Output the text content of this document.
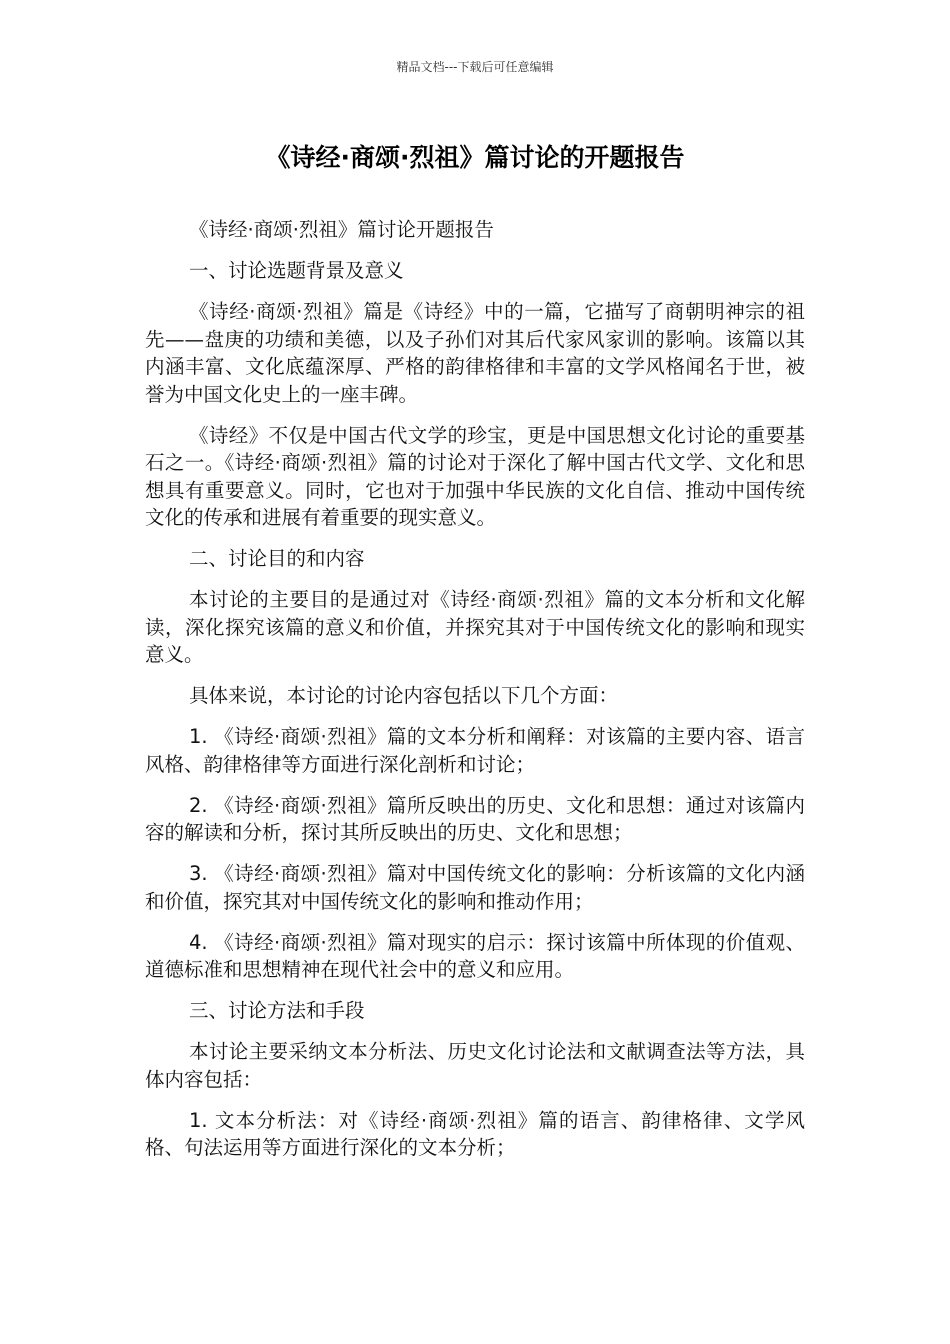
精品文档---下载后可任意编辑
《诗经·商颂·烈祖》篇讨论的开题报告

《诗经·商颂·烈祖》篇讨论开题报告

一、讨论选题背景及意义

《诗经·商颂·烈祖》篇是《诗经》中的一篇，它描写了商朝明神宗的祖先——盘庚的功绩和美德，以及子孙们对其后代家风家训的影响。该篇以其内涵丰富、文化底蕴深厚、严格的韵律格律和丰富的文学风格闻名于世，被誉为中国文化史上的一座丰碑。

《诗经》不仅是中国古代文学的珍宝，更是中国思想文化讨论的重要基石之一。《诗经·商颂·烈祖》篇的讨论对于深化了解中国古代文学、文化和思想具有重要意义。同时，它也对于加强中华民族的文化自信、推动中国传统文化的传承和进展有着重要的现实意义。

二、讨论目的和内容

本讨论的主要目的是通过对《诗经·商颂·烈祖》篇的文本分析和文化解读，深化探究该篇的意义和价值，并探究其对于中国传统文化的影响和现实意义。

具体来说，本讨论的讨论内容包括以下几个方面：

1. 《诗经·商颂·烈祖》篇的文本分析和阐释：对该篇的主要内容、语言风格、韵律格律等方面进行深化剖析和讨论；

2. 《诗经·商颂·烈祖》篇所反映出的历史、文化和思想：通过对该篇内容的解读和分析，探讨其所反映出的历史、文化和思想；

3. 《诗经·商颂·烈祖》篇对中国传统文化的影响：分析该篇的文化内涵和价值，探究其对中国传统文化的影响和推动作用；

4. 《诗经·商颂·烈祖》篇对现实的启示：探讨该篇中所体现的价值观、道德标准和思想精神在现代社会中的意义和应用。

三、讨论方法和手段

本讨论主要采纳文本分析法、历史文化讨论法和文献调查法等方法，具体内容包括：

1. 文本分析法：对《诗经·商颂·烈祖》篇的语言、韵律格律、文学风格、句法运用等方面进行深化的文本分析；
